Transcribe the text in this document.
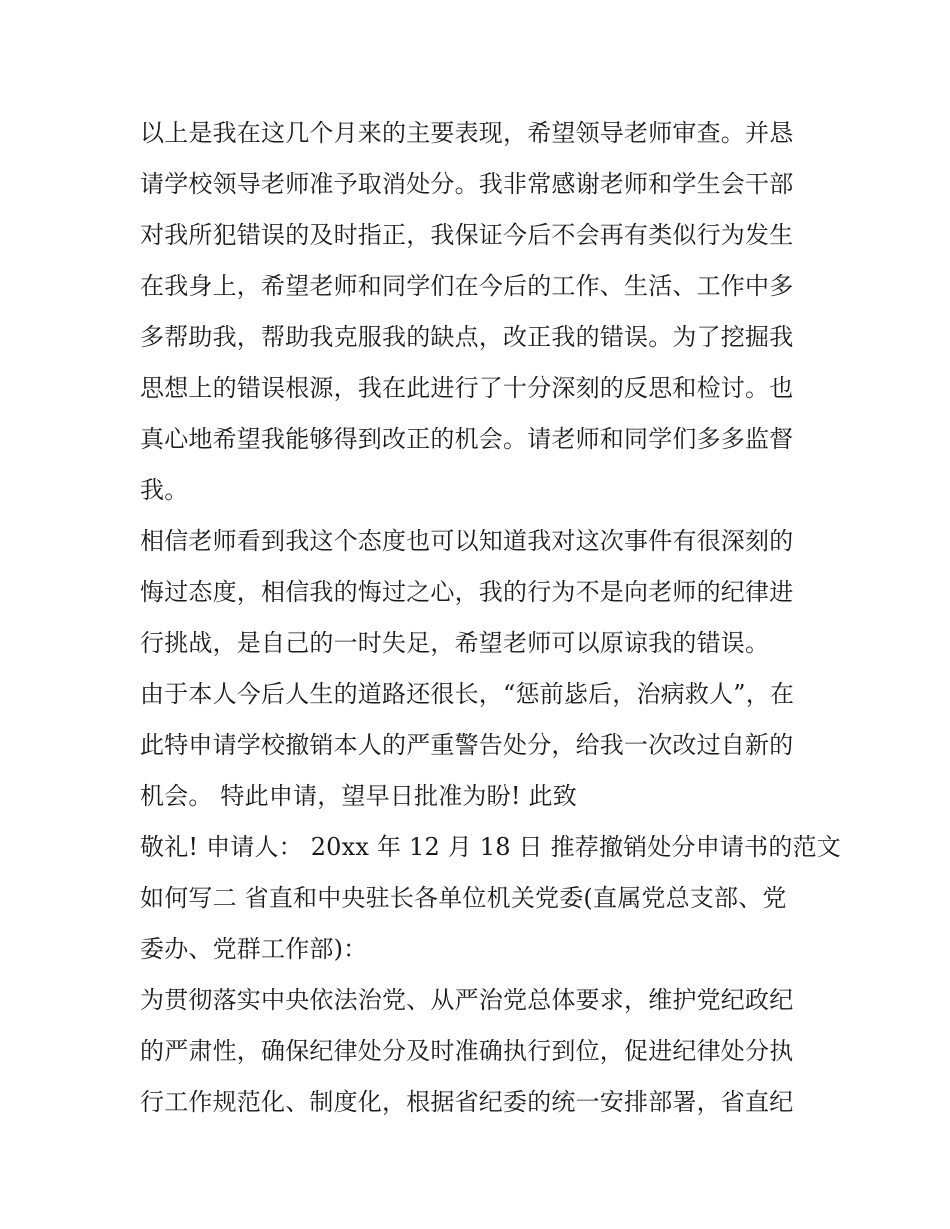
以上是我在这几个月来的主要表现，希望领导老师审查。并恳
请学校领导老师准予取消处分。我非常感谢老师和学生会干部
对我所犯错误的及时指正，我保证今后不会再有类似行为发生
在我身上，希望老师和同学们在今后的工作、生活、工作中多
多帮助我，帮助我克服我的缺点，改正我的错误。为了挖掘我
思想上的错误根源，我在此进行了十分深刻的反思和检讨。也
真心地希望我能够得到改正的机会。请老师和同学们多多监督
我。
相信老师看到我这个态度也可以知道我对这次事件有很深刻的
悔过态度，相信我的悔过之心，我的行为不是向老师的纪律进
行挑战，是自己的一时失足，希望老师可以原谅我的错误。
由于本人今后人生的道路还很长，“惩前毖后，治病救人”，在
此特申请学校撤销本人的严重警告处分，给我一次改过自新的
机会。 特此申请，望早日批准为盼! 此致
敬礼! 申请人： 20xx 年 12 月 18 日 推荐撤销处分申请书的范文
如何写二 省直和中央驻长各单位机关党委(直属党总支部、党
委办、党群工作部)：
为贯彻落实中央依法治党、从严治党总体要求，维护党纪政纪
的严肃性，确保纪律处分及时准确执行到位，促进纪律处分执
行工作规范化、制度化，根据省纪委的统一安排部署，省直纪
